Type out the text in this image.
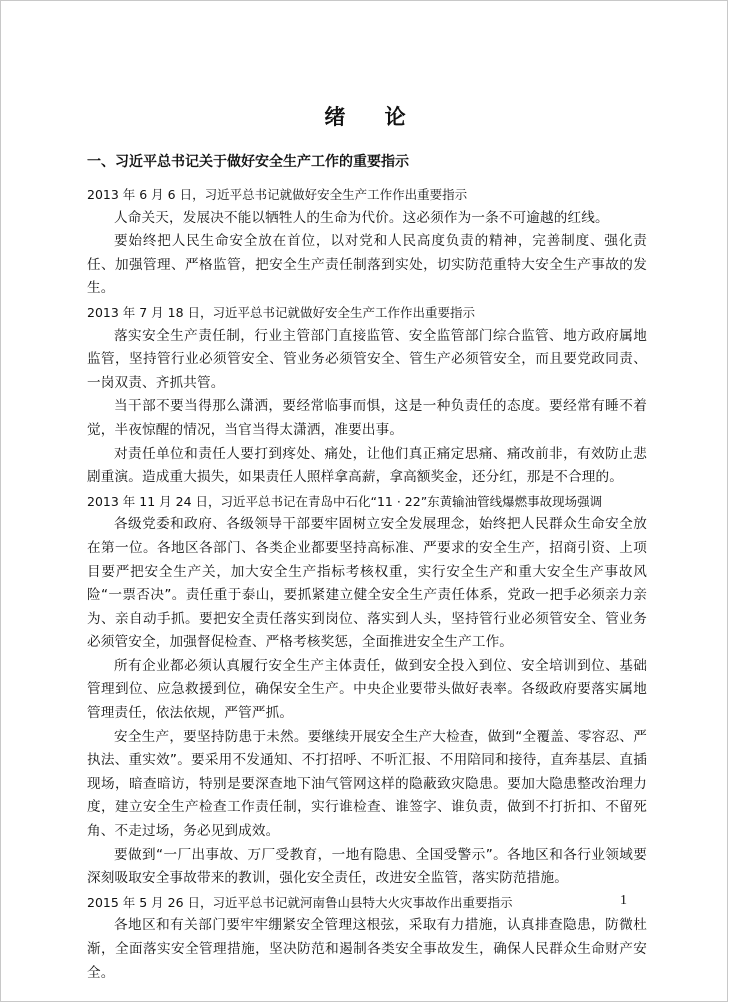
绪 论
一、习近平总书记关于做好安全生产工作的重要指示
2013 年 6 月 6 日，习近平总书记就做好安全生产工作作出重要指示

人命关天，发展决不能以牺牲人的生命为代价。这必须作为一条不可逾越的红线。

要始终把人民生命安全放在首位，以对党和人民高度负责的精神，完善制度、强化责任、加强管理、严格监管，把安全生产责任制落到实处，切实防范重特大安全生产事故的发生。

2013 年 7 月 18 日，习近平总书记就做好安全生产工作作出重要指示

落实安全生产责任制，行业主管部门直接监管、安全监管部门综合监管、地方政府属地监管，坚持管行业必须管安全、管业务必须管安全、管生产必须管安全，而且要党政同责、一岗双责、齐抓共管。

当干部不要当得那么潇洒，要经常临事而惧，这是一种负责任的态度。要经常有睡不着觉，半夜惊醒的情况，当官当得太潇洒，准要出事。

对责任单位和责任人要打到疼处、痛处，让他们真正痛定思痛、痛改前非，有效防止悲剧重演。造成重大损失，如果责任人照样拿高薪，拿高额奖金，还分红，那是不合理的。

2013 年 11 月 24 日，习近平总书记在青岛中石化“11 · 22”东黄输油管线爆燃事故现场强调

各级党委和政府、各级领导干部要牢固树立安全发展理念，始终把人民群众生命安全放在第一位。各地区各部门、各类企业都要坚持高标准、严要求的安全生产，招商引资、上项目要严把安全生产关，加大安全生产指标考核权重，实行安全生产和重大安全生产事故风险“一票否决”。责任重于泰山，要抓紧建立健全安全生产责任体系，党政一把手必须亲力亲为、亲自动手抓。要把安全责任落实到岗位、落实到人头，坚持管行业必须管安全、管业务必须管安全，加强督促检查、严格考核奖惩，全面推进安全生产工作。

所有企业都必须认真履行安全生产主体责任，做到安全投入到位、安全培训到位、基础管理到位、应急救援到位，确保安全生产。中央企业要带头做好表率。各级政府要落实属地管理责任，依法依规，严管严抓。

安全生产，要坚持防患于未然。要继续开展安全生产大检查，做到“全覆盖、零容忍、严执法、重实效”。要采用不发通知、不打招呼、不听汇报、不用陪同和接待，直奔基层、直插现场，暗查暗访，特别是要深查地下油气管网这样的隐蔽致灾隐患。要加大隐患整改治理力度，建立安全生产检查工作责任制，实行谁检查、谁签字、谁负责，做到不打折扣、不留死角、不走过场，务必见到成效。

要做到“一厂出事故、万厂受教育，一地有隐患、全国受警示”。各地区和各行业领域要深刻吸取安全事故带来的教训，强化安全责任，改进安全监管，落实防范措施。

2015 年 5 月 26 日，习近平总书记就河南鲁山县特大火灾事故作出重要指示

各地区和有关部门要牢牢绷紧安全管理这根弦，采取有力措施，认真排查隐患，防微杜渐，全面落实安全管理措施，坚决防范和遏制各类安全事故发生，确保人民群众生命财产安全。

1
